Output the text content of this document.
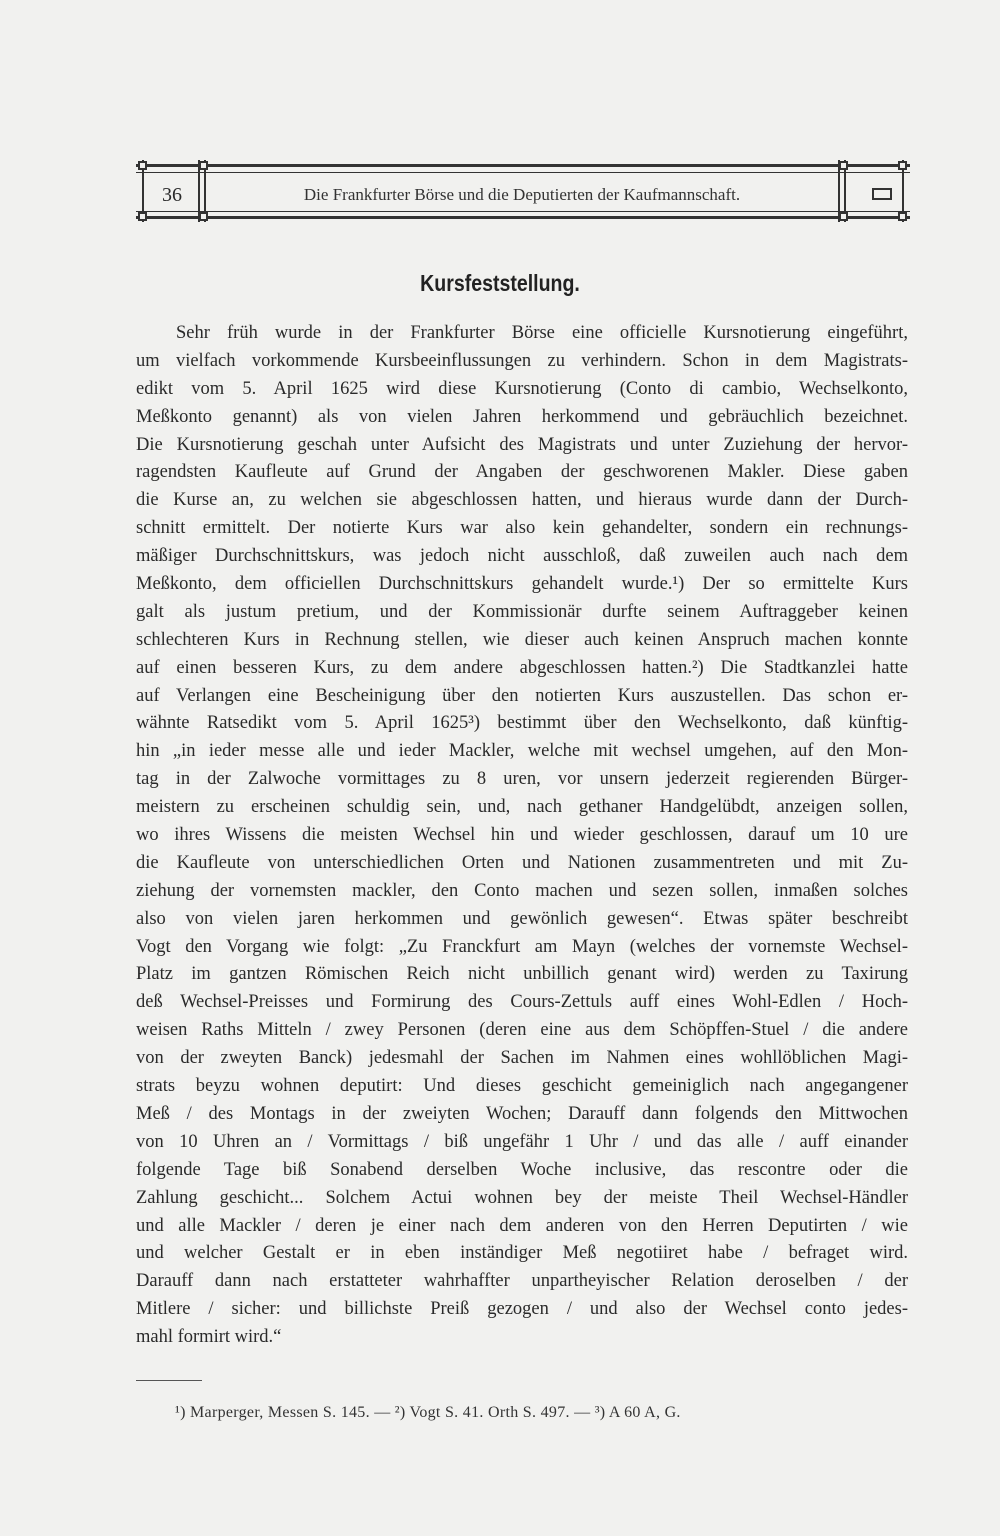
36	Die Frankfurter Börse und die Deputierten der Kaufmannschaft.
Kursfeststellung.
Sehr früh wurde in der Frankfurter Börse eine officielle Kursnotierung eingeführt,
um vielfach vorkommende Kursbeeinflussungen zu verhindern. Schon in dem Magistrats-
edikt vom 5. April 1625 wird diese Kursnotierung (Conto di cambio, Wechselkonto,
Meßkonto genannt) als von vielen Jahren herkommend und gebräuchlich bezeichnet.
Die Kursnotierung geschah unter Aufsicht des Magistrats und unter Zuziehung der hervor-
ragendsten Kaufleute auf Grund der Angaben der geschworenen Makler. Diese gaben
die Kurse an, zu welchen sie abgeschlossen hatten, und hieraus wurde dann der Durch-
schnitt ermittelt. Der notierte Kurs war also kein gehandelter, sondern ein rechnungs-
mäßiger Durchschnittskurs, was jedoch nicht ausschloß, daß zuweilen auch nach dem
Meßkonto, dem officiellen Durchschnittskurs gehandelt wurde.¹) Der so ermittelte Kurs
galt als justum pretium, und der Kommissionär durfte seinem Auftraggeber keinen
schlechteren Kurs in Rechnung stellen, wie dieser auch keinen Anspruch machen konnte
auf einen besseren Kurs, zu dem andere abgeschlossen hatten.²) Die Stadtkanzlei hatte
auf Verlangen eine Bescheinigung über den notierten Kurs auszustellen. Das schon er-
wähnte Ratsedikt vom 5. April 1625³) bestimmt über den Wechselkonto, daß künftig-
hin „in ieder messe alle und ieder Mackler, welche mit wechsel umgehen, auf den Mon-
tag in der Zalwoche vormittages zu 8 uren, vor unsern jederzeit regierenden Bürger-
meistern zu erscheinen schuldig sein, und, nach gethaner Handgelübdt, anzeigen sollen,
wo ihres Wissens die meisten Wechsel hin und wieder geschlossen, darauf um 10 ure
die Kaufleute von unterschiedlichen Orten und Nationen zusammentreten und mit Zu-
ziehung der vornemsten mackler, den Conto machen und sezen sollen, inmaßen solches
also von vielen jaren herkommen und gewönlich gewesen“. Etwas später beschreibt
Vogt den Vorgang wie folgt: „Zu Franckfurt am Mayn (welches der vornemste Wechsel-
Platz im gantzen Römischen Reich nicht unbillich genant wird) werden zu Taxirung
deß Wechsel-Preisses und Formirung des Cours-Zettuls auff eines Wohl-Edlen / Hoch-
weisen Raths Mitteln / zwey Personen (deren eine aus dem Schöpffen-Stuel / die andere
von der zweyten Banck) jedesmahl der Sachen im Nahmen eines wohllöblichen Magi-
strats beyzu wohnen deputirt: Und dieses geschicht gemeiniglich nach angegangener
Meß / des Montags in der zweiyten Wochen; Darauff dann folgends den Mittwochen
von 10 Uhren an / Vormittags / biß ungefähr 1 Uhr / und das alle / auff einander
folgende Tage biß Sonabend derselben Woche inclusive, das rescontre oder die
Zahlung geschicht... Solchem Actui wohnen bey der meiste Theil Wechsel-Händler
und alle Mackler / deren je einer nach dem anderen von den Herren Deputirten / wie
und welcher Gestalt er in eben inständiger Meß negotiiret habe / befraget wird.
Darauff dann nach erstatteter wahrhaffter unpartheyischer Relation deroselben / der
Mitlere / sicher: und billichste Preiß gezogen / und also der Wechsel conto jedes-
mahl formirt wird.“
¹) Marperger, Messen S. 145. — ²) Vogt S. 41. Orth S. 497. — ³) A 60 A, G.
